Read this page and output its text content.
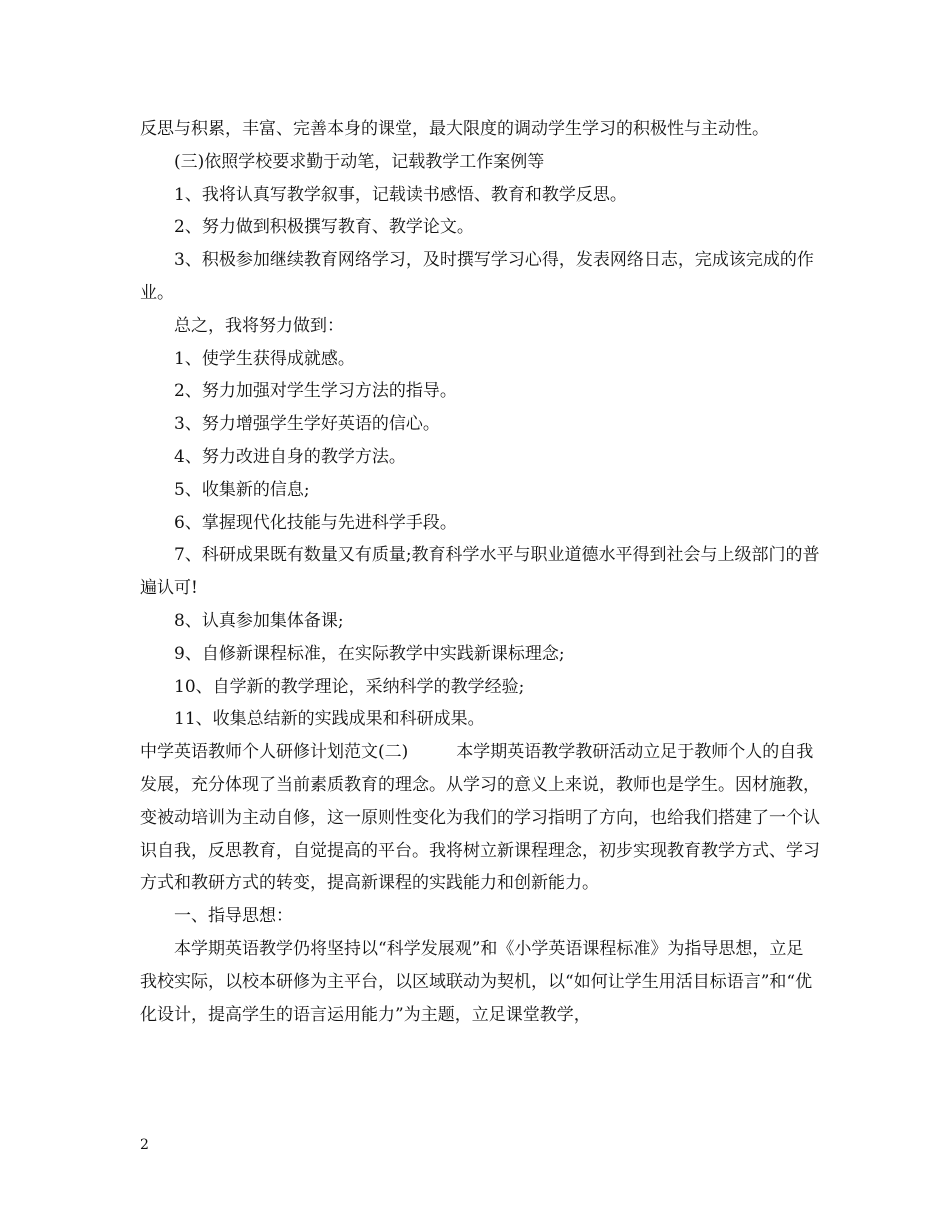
反思与积累，丰富、完善本身的课堂，最大限度的调动学生学习的积极性与主动性。

(三)依照学校要求勤于动笔，记载教学工作案例等

1、我将认真写教学叙事，记载读书感悟、教育和教学反思。

2、努力做到积极撰写教育、教学论文。

3、积极参加继续教育网络学习，及时撰写学习心得，发表网络日志，完成该完成的作业。

总之，我将努力做到：

1、使学生获得成就感。

2、努力加强对学生学习方法的指导。

3、努力增强学生学好英语的信心。

4、努力改进自身的教学方法。

5、收集新的信息;

6、掌握现代化技能与先进科学手段。

7、科研成果既有数量又有质量;教育科学水平与职业道德水平得到社会与上级部门的普遍认可!

8、认真参加集体备课;

9、自修新课程标准，在实际教学中实践新课标理念;

10、自学新的教学理论，采纳科学的教学经验;

11、收集总结新的实践成果和科研成果。

中学英语教师个人研修计划范文(二)	本学期英语教学教研活动立足于教师个人的自我发展，充分体现了当前素质教育的理念。从学习的意义上来说，教师也是学生。因材施教，变被动培训为主动自修，这一原则性变化为我们的学习指明了方向，也给我们搭建了一个认识自我，反思教育，自觉提高的平台。我将树立新课程理念，初步实现教育教学方式、学习方式和教研方式的转变，提高新课程的实践能力和创新能力。

一、指导思想：

本学期英语教学仍将坚持以“科学发展观”和《小学英语课程标准》为指导思想，立足我校实际，以校本研修为主平台，以区域联动为契机，以“如何让学生用活目标语言”和“优化设计，提高学生的语言运用能力”为主题，立足课堂教学，

2
